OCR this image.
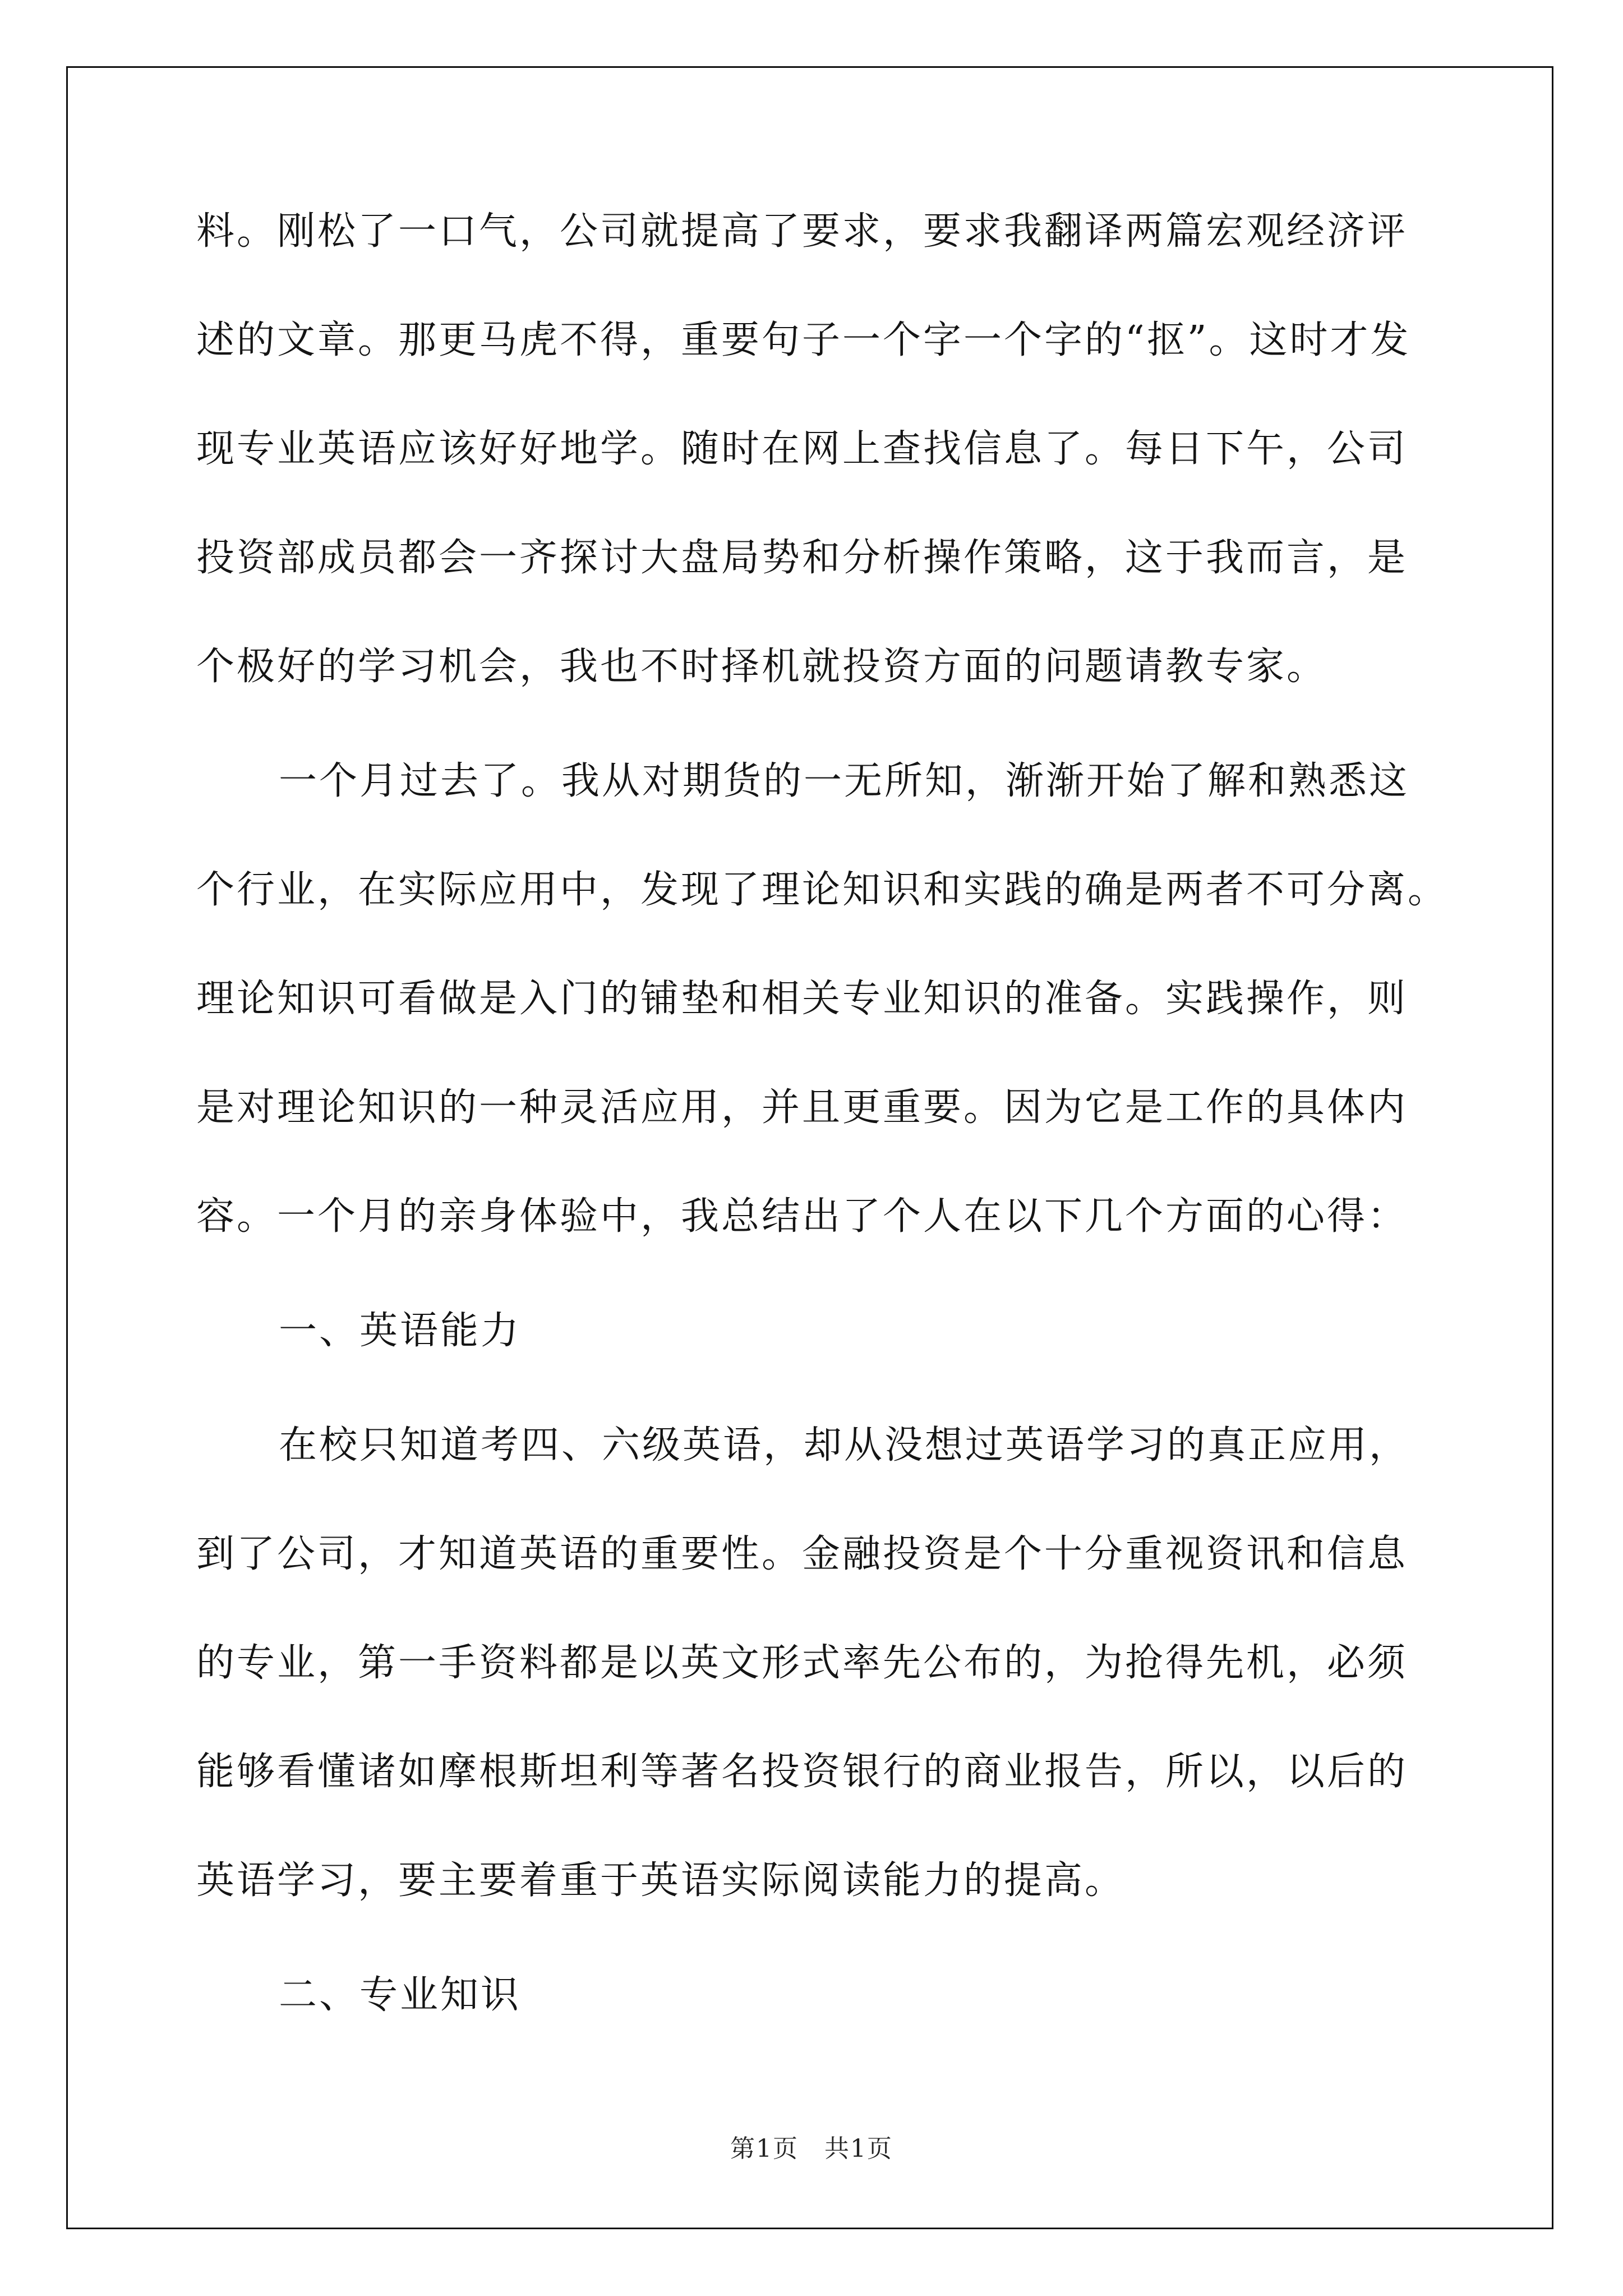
料。刚松了一口气，公司就提高了要求，要求我翻译两篇宏观经济评
述的文章。那更马虎不得，重要句子一个字一个字的“抠”。这时才发
现专业英语应该好好地学。随时在网上查找信息了。每日下午，公司
投资部成员都会一齐探讨大盘局势和分析操作策略，这于我而言，是
个极好的学习机会，我也不时择机就投资方面的问题请教专家。
一个月过去了。我从对期货的一无所知，渐渐开始了解和熟悉这
个行业，在实际应用中，发现了理论知识和实践的确是两者不可分离。
理论知识可看做是入门的铺垫和相关专业知识的准备。实践操作，则
是对理论知识的一种灵活应用，并且更重要。因为它是工作的具体内
容。一个月的亲身体验中，我总结出了个人在以下几个方面的心得：
一、英语能力
在校只知道考四、六级英语，却从没想过英语学习的真正应用，
到了公司，才知道英语的重要性。金融投资是个十分重视资讯和信息
的专业，第一手资料都是以英文形式率先公布的，为抢得先机，必须
能够看懂诸如摩根斯坦利等著名投资银行的商业报告，所以，以后的
英语学习，要主要着重于英语实际阅读能力的提高。
二、专业知识
第1页　共1页
